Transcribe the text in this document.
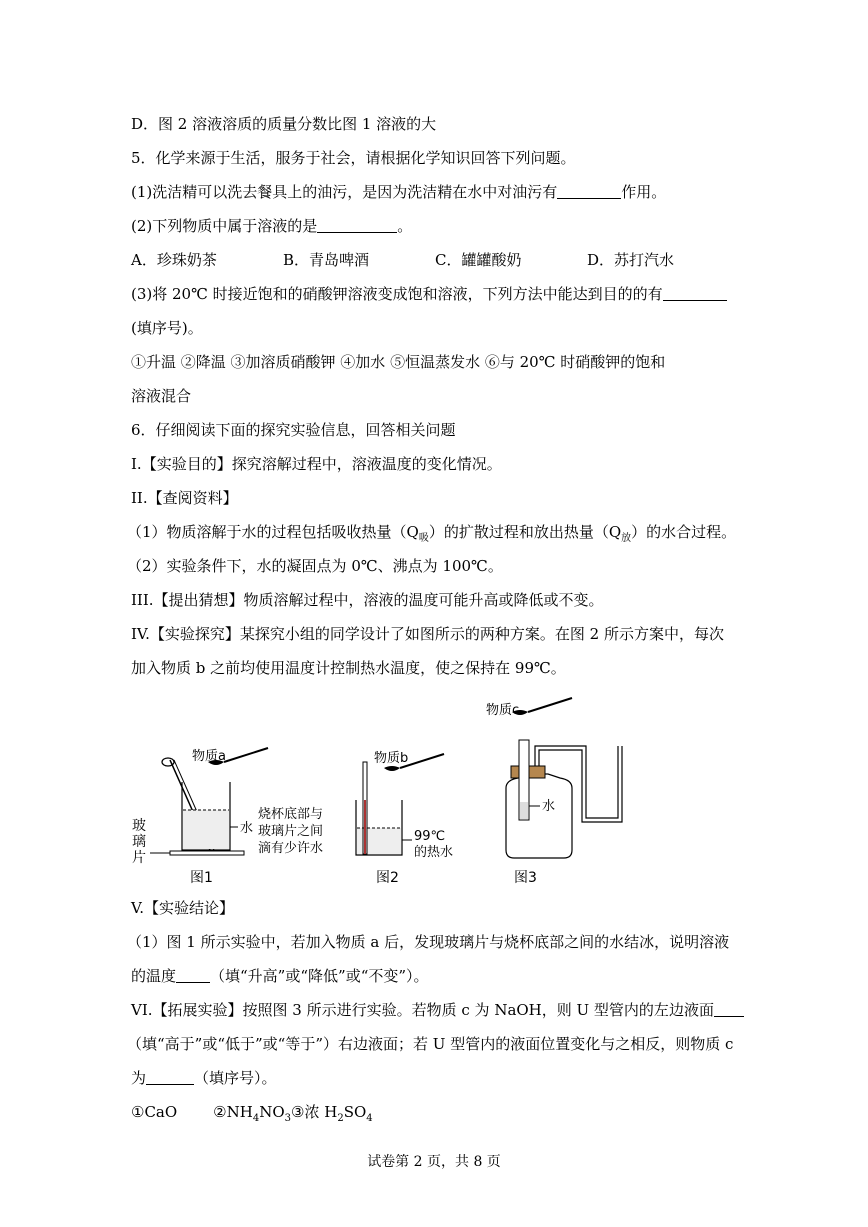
D．图 2 溶液溶质的质量分数比图 1 溶液的大
5．化学来源于生活，服务于社会，请根据化学知识回答下列问题。
(1)洗洁精可以洗去餐具上的油污，是因为洗洁精在水中对油污有	作用。
(2)下列物质中属于溶液的是	。
A．珍珠奶茶	B．青岛啤酒	C．罐罐酸奶	D．苏打汽水
(3)将 20℃ 时接近饱和的硝酸钾溶液变成饱和溶液，下列方法中能达到目的的有
(填序号)。
①升温 ②降温 ③加溶质硝酸钾 ④加水 ⑤恒温蒸发水 ⑥与 20℃ 时硝酸钾的饱和
溶液混合
6．仔细阅读下面的探究实验信息，回答相关问题
I.【实验目的】探究溶解过程中，溶液温度的变化情况。
II.【查阅资料】
（1）物质溶解于水的过程包括吸收热量$(Q_吸)$的扩散过程和放出热量$(Q_放)$的水合过程。
（2）实验条件下，水的凝固点为 0℃、沸点为 100℃。
III.【提出猜想】物质溶解过程中，溶液的温度可能升高或降低或不变。
IV.【实验探究】某探究小组的同学设计了如图所示的两种方案。在图 2 所示方案中，每次
加入物质 b 之前均使用温度计控制热水温度，使之保持在 99℃。
物质a
玻
璃
片
水
烧杯底部与
玻璃片之间
滴有少许水
图1
物质b
99℃
的热水
图2
物质c
水
图3
V.【实验结论】
（1）图 1 所示实验中，若加入物质 a 后，发现玻璃片与烧杯底部之间的水结冰，说明溶液
的温度 （填“升高”或“降低”或“不变”）。
VI.【拓展实验】按照图 3 所示进行实验。若物质 c 为 NaOH，则 U 型管内的左边液面
（填“高于”或“低于”或“等于”）右边液面；若 U 型管内的液面位置变化与之相反，则物质 c
为	（填序号）。
①CaO $②NH_4NO_3③$浓 $H_2SO_4$
试卷第 2 页，共 8 页
